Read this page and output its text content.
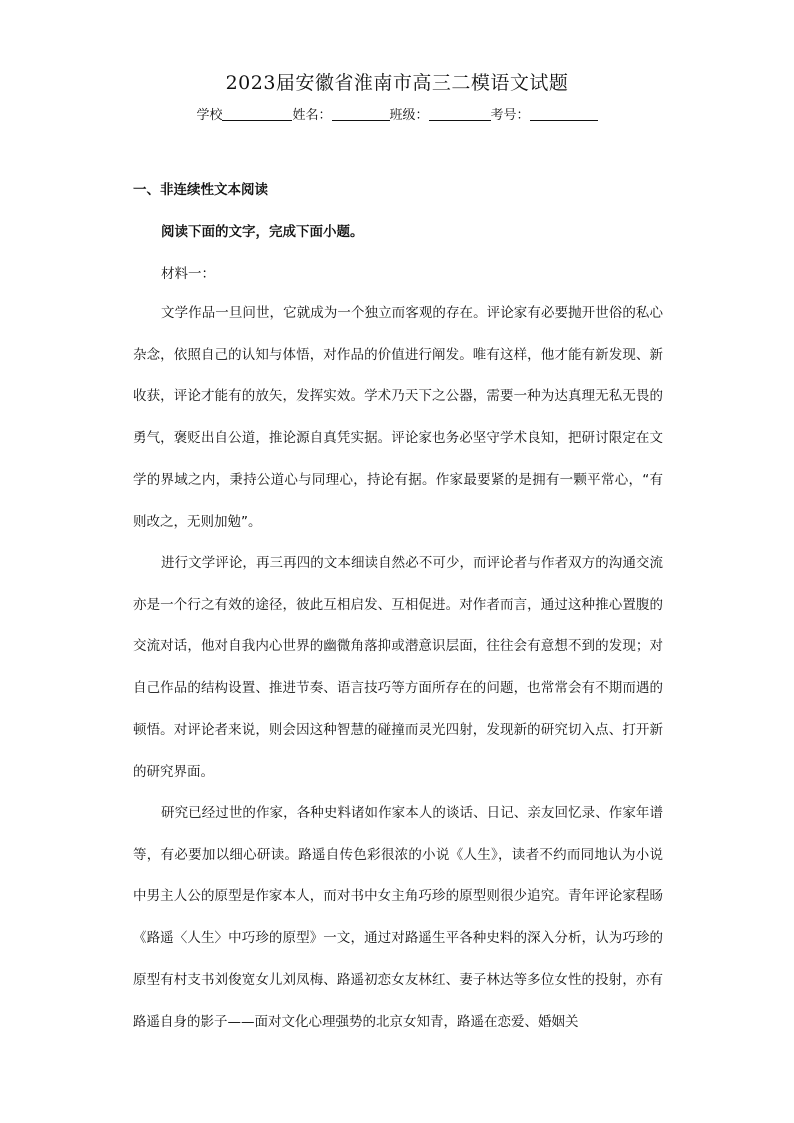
2023届安徽省淮南市高三二模语文试题
学校	姓名：	班级：	考号：
一、非连续性文本阅读
阅读下面的文字，完成下面小题。
材料一：

文学作品一旦问世，它就成为一个独立而客观的存在。评论家有必要抛开世俗的私心杂念，依照自己的认知与体悟，对作品的价值进行阐发。唯有这样，他才能有新发现、新收获，评论才能有的放矢，发挥实效。学术乃天下之公器，需要一种为达真理无私无畏的勇气，褒贬出自公道，推论源自真凭实据。评论家也务必坚守学术良知，把研讨限定在文学的界域之内，秉持公道心与同理心，持论有据。作家最要紧的是拥有一颗平常心，“有则改之，无则加勉”。

进行文学评论，再三再四的文本细读自然必不可少，而评论者与作者双方的沟通交流亦是一个行之有效的途径，彼此互相启发、互相促进。对作者而言，通过这种推心置腹的交流对话，他对自我内心世界的幽微角落抑或潜意识层面，往往会有意想不到的发现；对自己作品的结构设置、推进节奏、语言技巧等方面所存在的问题，也常常会有不期而遇的顿悟。对评论者来说，则会因这种智慧的碰撞而灵光四射，发现新的研究切入点、打开新的研究界面。

研究已经过世的作家，各种史料诸如作家本人的谈话、日记、亲友回忆录、作家年谱等，有必要加以细心研读。路遥自传色彩很浓的小说《人生》，读者不约而同地认为小说中男主人公的原型是作家本人，而对书中女主角巧珍的原型则很少追究。青年评论家程旸《路遥〈人生〉中巧珍的原型》一文，通过对路遥生平各种史料的深入分析，认为巧珍的原型有村支书刘俊宽女儿刘凤梅、路遥初恋女友林红、妻子林达等多位女性的投射，亦有路遥自身的影子——面对文化心理强势的北京女知青，路遥在恋爱、婚姻关
